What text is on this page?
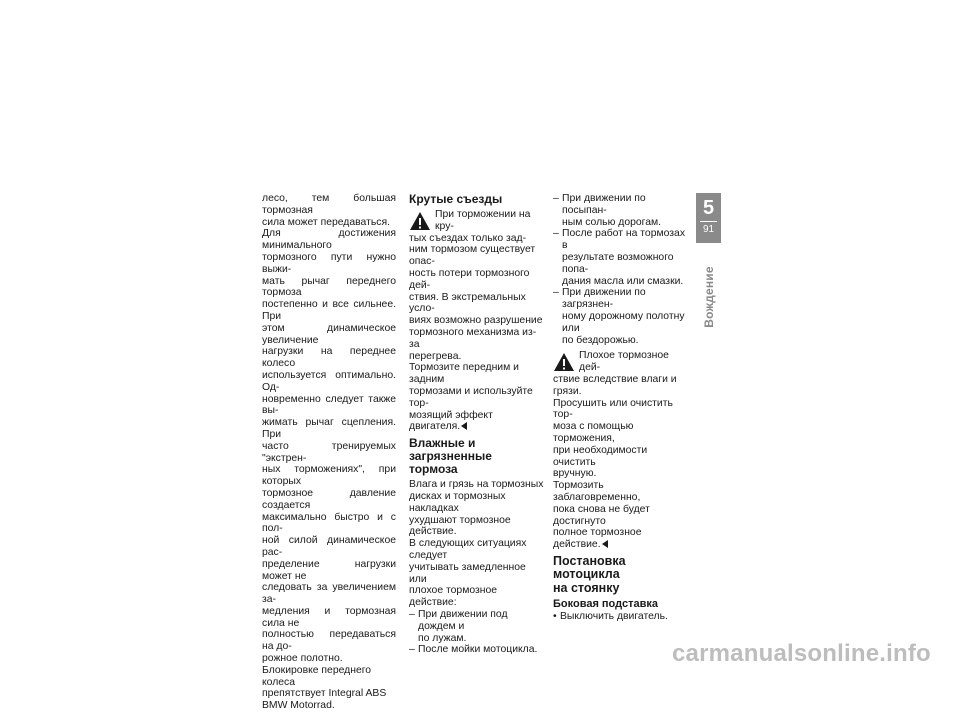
лесо, тем большая тормозная

сила может передаваться.

Для достижения минимального

тормозного пути нужно выжи-

мать рычаг переднего тормоза

постепенно и все сильнее. При

этом динамическое увеличение

нагрузки на переднее колесо

используется оптимально. Од-

новременно следует также вы-

жимать рычаг сцепления. При

часто тренируемых "экстрен-

ных торможениях", при которых

тормозное давление создается

максимально быстро и с пол-

ной силой динамическое рас-

пределение нагрузки может не

следовать за увеличением за-

медления и тормозная сила не

полностью передаваться на до-

рожное полотно.

Блокировке переднего колеса

препятствует Integral ABS

BMW Motorrad.

Крутые съезды

При торможении на кру-

тых съездах только зад-

ним тормозом существует опас-

ность потери тормозного дей-

ствия. В экстремальных усло-

виях возможно разрушение

тормозного механизма из-за

перегрева.

Тормозите передним и задним

тормозами и используйте тор-

мозящий эффект двигателя.

Влажные и загрязненные
тормоза

Влага и грязь на тормозных

дисках и тормозных накладках

ухудшают тормозное действие.

В следующих ситуациях следует

учитывать замедленное или

плохое тормозное действие:

– При движении под дождем и
по лужам.
– После мойки мотоцикла.
– При движении по посыпан-
ным солью дорогам.
– После работ на тормозах в
результате возможного попа-
дания масла или смазки.
– При движении по загрязнен-
ному дорожному полотну или
по бездорожью.

Плохое тормозное дей-

ствие вследствие влаги и

грязи.

Просушить или очистить тор-

моза с помощью торможения,

при необходимости очистить

вручную.

Тормозить заблаговременно,

пока снова не будет достигнуто

полное тормозное действие.

Постановка мотоцикла
на стоянку
Боковая подставка
• Выключить двигатель.
5
91
Вождение
carmanualsonline.info
